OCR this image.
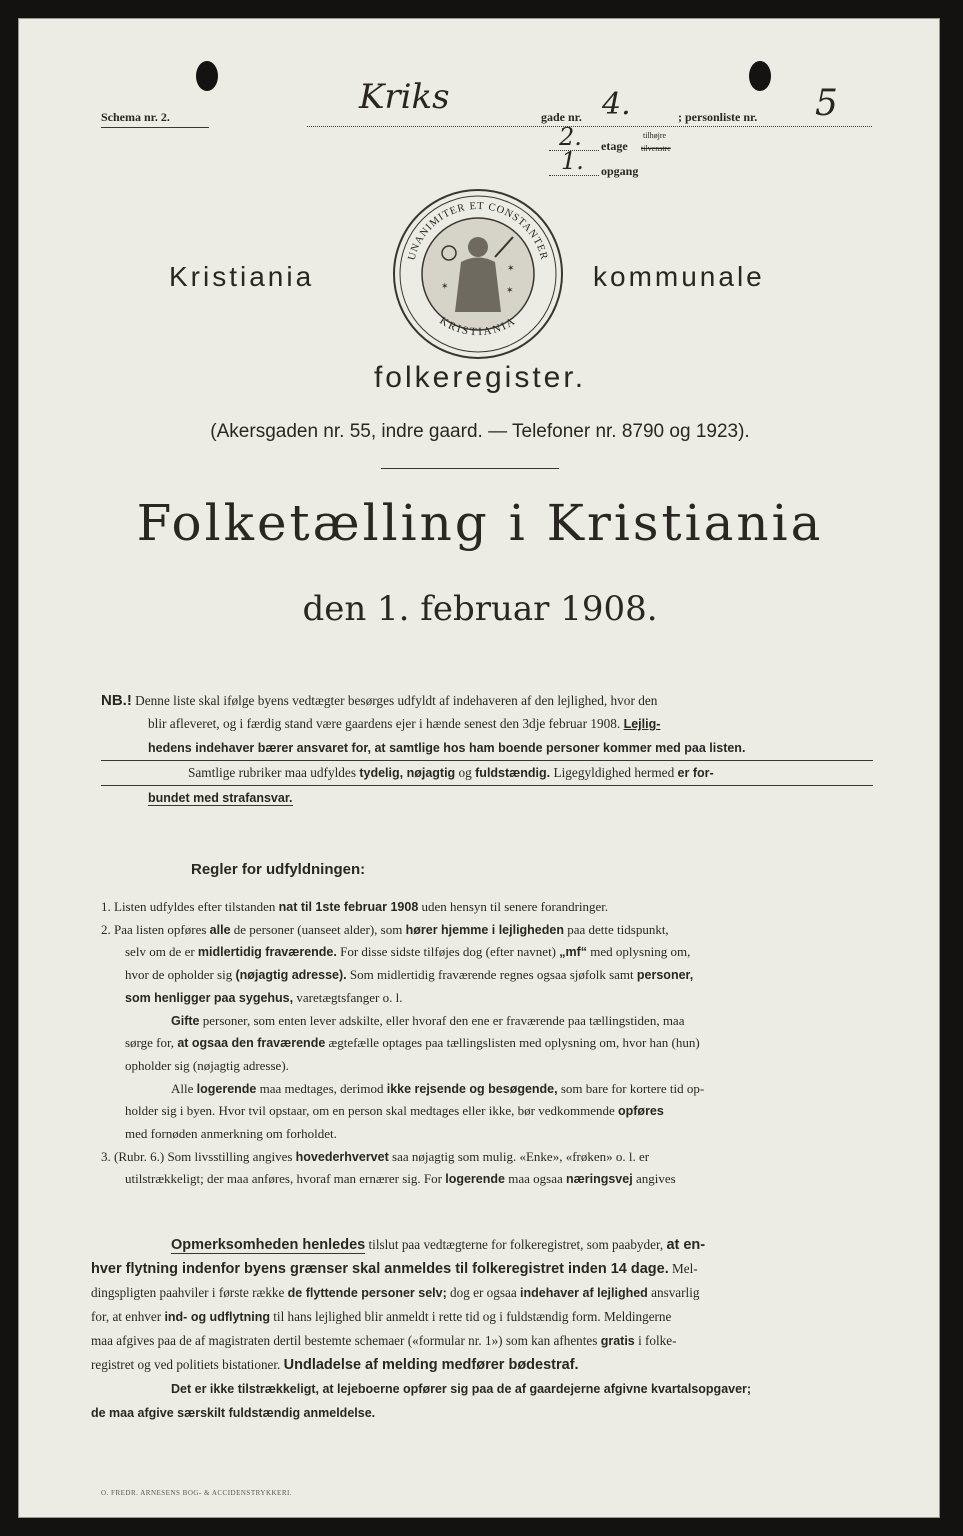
Schema nr. 2.	Kriks	gade nr. 4.	; personliste nr. 5
2. etage
tilhøjre
tilvenstre
1. opgang
Kristiania	kommunale
UNANIMITER ET CONSTANTER
KRISTIANIA
✶	✶
✶
folkeregister.
(Akersgaden nr. 55, indre gaard. — Telefoner nr. 8790 og 1923).
Folketælling i Kristiania
den 1. februar 1908.
NB.! Denne liste skal ifølge byens vedtægter besørges udfyldt af indehaveren af den lejlighed, hvor den
blir afleveret, og i færdig stand være gaardens ejer i hænde senest den 3dje februar 1908. Lejlig-
hedens indehaver bærer ansvaret for, at samtlige hos ham boende personer kommer med paa listen.
Samtlige rubriker maa udfyldes tydelig, nøjagtig og fuldstændig. Ligegyldighed hermed er for-
bundet med strafansvar.
Regler for udfyldningen:
1. Listen udfyldes efter tilstanden nat til 1ste februar 1908 uden hensyn til senere forandringer.
2. Paa listen opføres alle de personer (uanseet alder), som hører hjemme i lejligheden paa dette tidspunkt,
selv om de er midlertidig fraværende. For disse sidste tilføjes dog (efter navnet) „mf“ med oplysning om,
hvor de opholder sig (nøjagtig adresse). Som midlertidig fraværende regnes ogsaa sjøfolk samt personer,
som henligger paa sygehus, varetægtsfanger o. l.
Gifte personer, som enten lever adskilte, eller hvoraf den ene er fraværende paa tællingstiden, maa
sørge for, at ogsaa den fraværende ægtefælle optages paa tællingslisten med oplysning om, hvor han (hun)
opholder sig (nøjagtig adresse).
Alle logerende maa medtages, derimod ikke rejsende og besøgende, som bare for kortere tid op-
holder sig i byen. Hvor tvil opstaar, om en person skal medtages eller ikke, bør vedkommende opføres
med fornøden anmerkning om forholdet.
3. (Rubr. 6.) Som livsstilling angives hovederhvervet saa nøjagtig som mulig. «Enke», «frøken» o. l. er
utilstrækkeligt; der maa anføres, hvoraf man ernærer sig. For logerende maa ogsaa næringsvej angives
Opmerksomheden henledes tilslut paa vedtægterne for folkeregistret, som paabyder, at en-
hver flytning indenfor byens grænser skal anmeldes til folkeregistret inden 14 dage. Mel-
dingspligten paahviler i første række de flyttende personer selv; dog er ogsaa indehaver af lejlighed ansvarlig
for, at enhver ind- og udflytning til hans lejlighed blir anmeldt i rette tid og i fuldstændig form. Meldingerne
maa afgives paa de af magistraten dertil bestemte schemaer («formular nr. 1») som kan afhentes gratis i folke-
registret og ved politiets bistationer. Undladelse af melding medfører bødestraf.
Det er ikke tilstrækkeligt, at lejeboerne opfører sig paa de af gaardejerne afgivne kvartalsopgaver;
de maa afgive særskilt fuldstændig anmeldelse.
O. FREDR. ARNESENS BOG- & ACCIDENSTRYKKERI.
